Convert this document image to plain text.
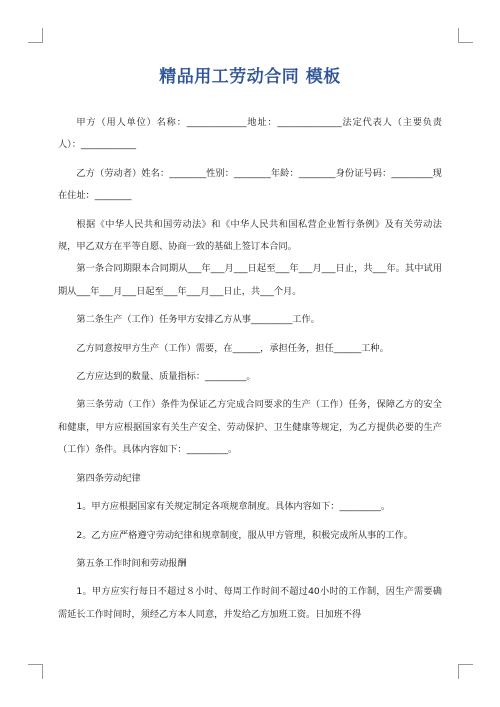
精品用工劳动合同 模板

甲方（用人单位）名称：_____________地址：______________法定代表人（主要负责人）：____________

乙方（劳动者）姓名：________性别：________年龄：________身份证号码：_________现在住址：________

根据《中华人民共和国劳动法》和《中华人民共和国私营企业暂行条例》及有关劳动法规，甲乙双方在平等自愿、协商一致的基础上签订本合同。

第一条合同期限本合同期从___年___月___日起至___年___月___日止，共___年。其中试用期从___年___月___日起至___年___月___日止，共___个月。

第二条生产（工作）任务甲方安排乙方从事_________工作。

乙方同意按甲方生产（工作）需要，在______，承担任务，担任______工种。

乙方应达到的数量、质量指标：_________。

第三条劳动（工作）条件为保证乙方完成合同要求的生产（工作）任务，保障乙方的安全和健康，甲方应根据国家有关生产安全、劳动保护、卫生健康等规定，为乙方提供必要的生产（工作）条件。具体内容如下：_________。

第四条劳动纪律

1。甲方应根据国家有关规定制定各项规章制度。具体内容如下：_________。

2。乙方应严格遵守劳动纪律和规章制度，服从甲方管理，积极完成所从事的工作。

第五条工作时间和劳动报酬

1。甲方应实行每日不超过８小时、每周工作时间不超过40小时的工作制，因生产需要确需延长工作时间时，须经乙方本人同意，并发给乙方加班工资。日加班不得
